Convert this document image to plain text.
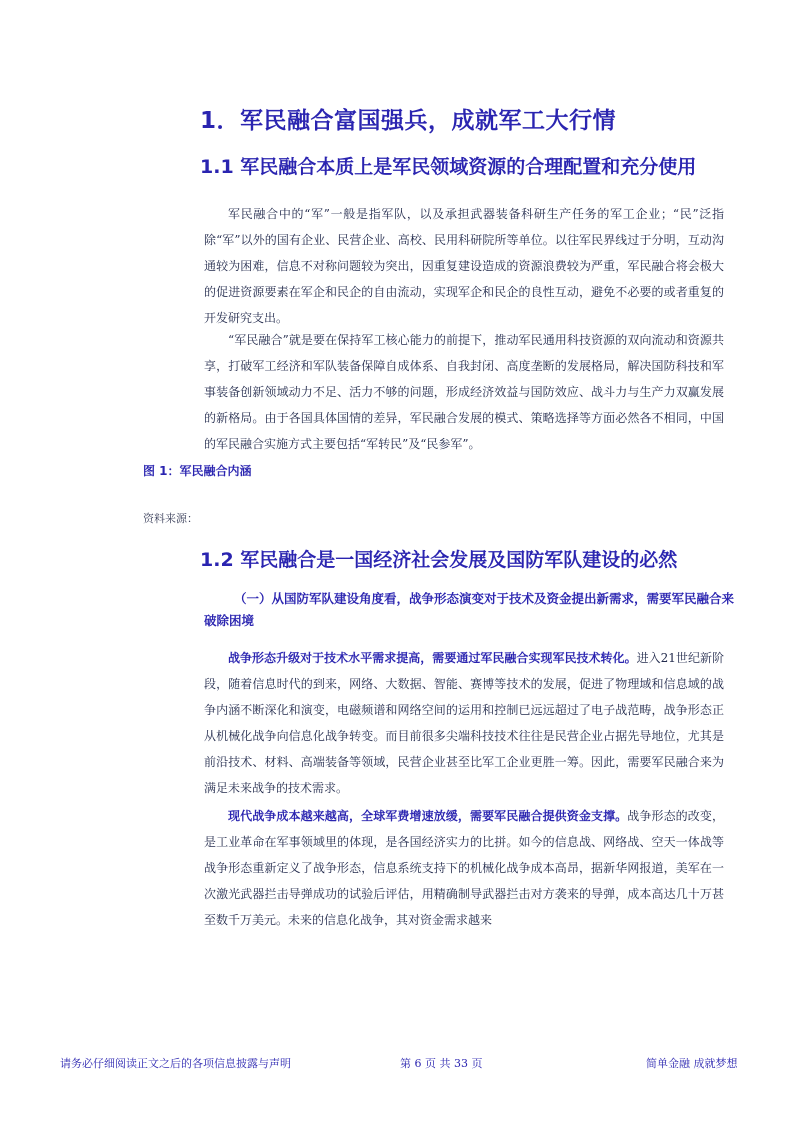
1．军民融合富国强兵，成就军工大行情
1.1 军民融合本质上是军民领域资源的合理配置和充分使用

军民融合中的“军”一般是指军队，以及承担武器装备科研生产任务的军工企业；“民”泛指除“军”以外的国有企业、民营企业、高校、民用科研院所等单位。以往军民界线过于分明，互动沟通较为困难，信息不对称问题较为突出，因重复建设造成的资源浪费较为严重，军民融合将会极大的促进资源要素在军企和民企的自由流动，实现军企和民企的良性互动，避免不必要的或者重复的开发研究支出。

“军民融合”就是要在保持军工核心能力的前提下，推动军民通用科技资源的双向流动和资源共享，打破军工经济和军队装备保障自成体系、自我封闭、高度垄断的发展格局，解决国防科技和军事装备创新领域动力不足、活力不够的问题，形成经济效益与国防效应、战斗力与生产力双赢发展的新格局。由于各国具体国情的差异，军民融合发展的模式、策略选择等方面必然各不相同，中国的军民融合实施方式主要包括“军转民”及“民参军”。

图 1：军民融合内涵
资料来源：
1.2 军民融合是一国经济社会发展及国防军队建设的必然

（一）从国防军队建设角度看，战争形态演变对于技术及资金提出新需求，需要军民融合来破除困境

战争形态升级对于技术水平需求提高，需要通过军民融合实现军民技术转化。进入21世纪新阶段，随着信息时代的到来，网络、大数据、智能、赛博等技术的发展，促进了物理域和信息域的战争内涵不断深化和演变，电磁频谱和网络空间的运用和控制已远远超过了电子战范畴，战争形态正从机械化战争向信息化战争转变。而目前很多尖端科技技术往往是民营企业占据先导地位，尤其是前沿技术、材料、高端装备等领域，民营企业甚至比军工企业更胜一筹。因此，需要军民融合来为满足未来战争的技术需求。

现代战争成本越来越高，全球军费增速放缓，需要军民融合提供资金支撑。战争形态的改变，是工业革命在军事领域里的体现，是各国经济实力的比拼。如今的信息战、网络战、空天一体战等战争形态重新定义了战争形态，信息系统支持下的机械化战争成本高昂，据新华网报道，美军在一次激光武器拦击导弹成功的试验后评估，用精确制导武器拦击对方袭来的导弹，成本高达几十万甚至数千万美元。未来的信息化战争，其对资金需求越来

请务必仔细阅读正文之后的各项信息披露与声明	第 6 页 共 33 页	简单金融 成就梦想
